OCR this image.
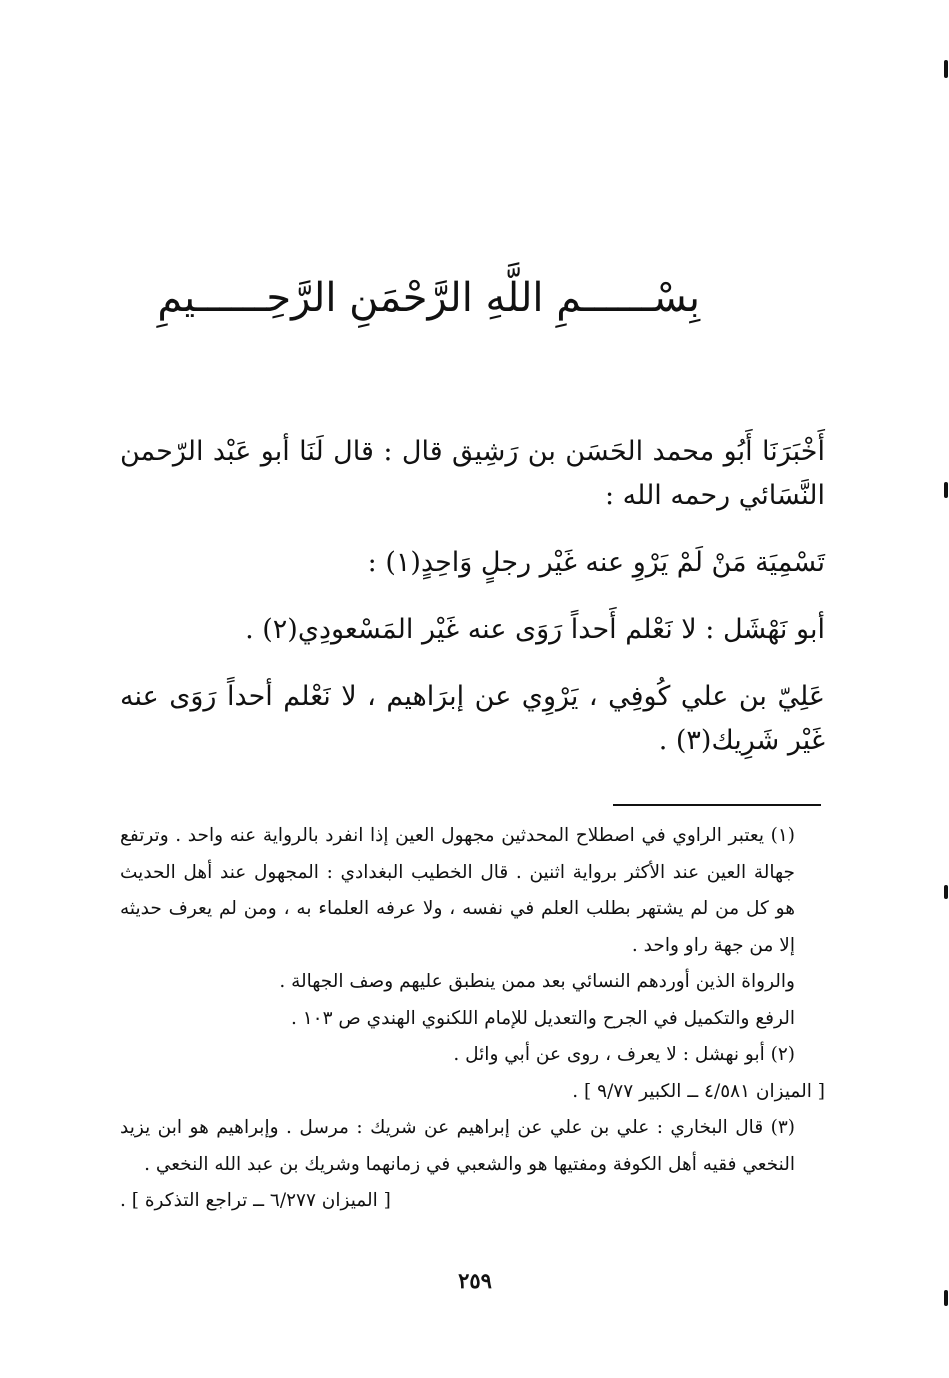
بِسْــــــمِ اللَّهِ الرَّحْمَنِ الرَّحِــــــيمِ

أَخْبَرَنَا أَبُو محمد الحَسَن بن رَشِيق قال : قال لَنَا أبو عَبْد الرّحمن النَّسَائي رحمه الله :

تَسْمِيَة مَنْ لَمْ يَرْوِ عنه غَيْر رجلٍ وَاحِدٍ(١) :

أبو نَهْشَل : لا نَعْلم أَحداً رَوَى عنه غَيْر المَسْعودِي(٢) .

عَلِيّ بن علي كُوفِي ، يَرْوِي عن إبرَاهيم ، لا نَعْلم أحداً رَوَى عنه غَيْر شَرِيك(٣) .

(١) يعتبر الراوي في اصطلاح المحدثين مجهول العين إذا انفرد بالرواية عنه واحد . وترتفع جهالة العين عند الأكثر برواية اثنين . قال الخطيب البغدادي : المجهول عند أهل الحديث هو كل من لم يشتهر بطلب العلم في نفسه ، ولا عرفه العلماء به ، ومن لم يعرف حديثه إلا من جهة راو واحد .

والرواة الذين أوردهم النسائي بعد ممن ينطبق عليهم وصف الجهالة .

الرفع والتكميل في الجرح والتعديل للإمام اللكنوي الهندي ص ١٠٣ .

(٢) أبو نهشل : لا يعرف ، روى عن أبي وائل .

[ الميزان ٤/٥٨١ ــ الكبير ٩/٧٧ ] .

(٣) قال البخاري : علي بن علي عن إبراهيم عن شريك : مرسل . وإبراهيم هو ابن يزيد النخعي فقيه أهل الكوفة ومفتيها هو والشعبي في زمانهما وشريك بن عبد الله النخعي .

[ الميزان ٦/٢٧٧ ــ تراجع التذكرة ] .

٢٥٩
